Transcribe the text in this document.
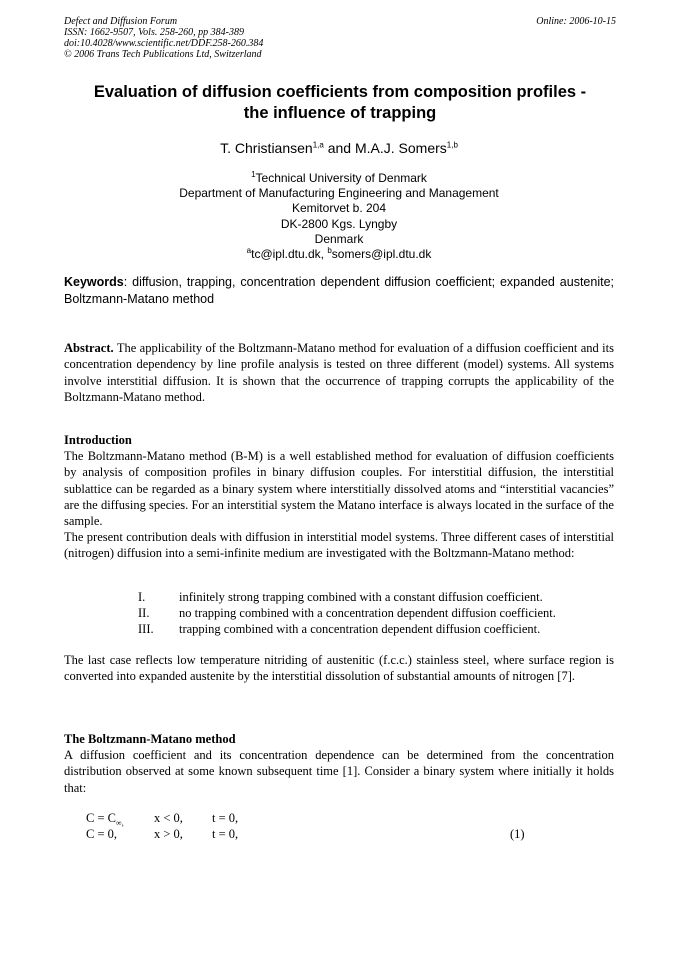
Defect and Diffusion Forum
ISSN: 1662-9507, Vols. 258-260, pp 384-389
doi:10.4028/www.scientific.net/DDF.258-260.384
© 2006 Trans Tech Publications Ltd, Switzerland
Online: 2006-10-15
Evaluation of diffusion coefficients from composition profiles -
the influence of trapping
T. Christiansen$^{1,a}$ and M.A.J. Somers$^{1,b}$
$^1$Technical University of Denmark
Department of Manufacturing Engineering and Management
Kemitorvet b. 204
DK-2800 Kgs. Lyngby
Denmark
$^a$tc@ipl.dtu.dk, $^b$somers@ipl.dtu.dk
Keywords: diffusion, trapping, concentration dependent diffusion coefficient; expanded austenite; Boltzmann-Matano method
Abstract. The applicability of the Boltzmann-Matano method for evaluation of a diffusion coefficient and its concentration dependency by line profile analysis is tested on three different (model) systems. All systems involve interstitial diffusion. It is shown that the occurrence of trapping corrupts the applicability of the Boltzmann-Matano method.
Introduction
The Boltzmann-Matano method (B-M) is a well established method for evaluation of diffusion coefficients by analysis of composition profiles in binary diffusion couples. For interstitial diffusion, the interstitial sublattice can be regarded as a binary system where interstitially dissolved atoms and “interstitial vacancies” are the diffusing species. For an interstitial system the Matano interface is always located in the surface of the sample.
The present contribution deals with diffusion in interstitial model systems. Three different cases of interstitial (nitrogen) diffusion into a semi-infinite medium are investigated with the Boltzmann-Matano method:
I.	infinitely strong trapping combined with a constant diffusion coefficient.
II. no trapping combined with a concentration dependent diffusion coefficient.
III. trapping combined with a concentration dependent diffusion coefficient.
The last case reflects low temperature nitriding of austenitic (f.c.c.) stainless steel, where surface region is converted into expanded austenite by the interstitial dissolution of substantial amounts of nitrogen [7].
The Boltzmann-Matano method
A diffusion coefficient and its concentration dependence can be determined from the concentration distribution observed at some known subsequent time [1]. Consider a binary system where initially it holds that:
$C = C_{\infty,}$ x < 0, t = 0,
C = 0,	x > 0, t = 0,	(1)
